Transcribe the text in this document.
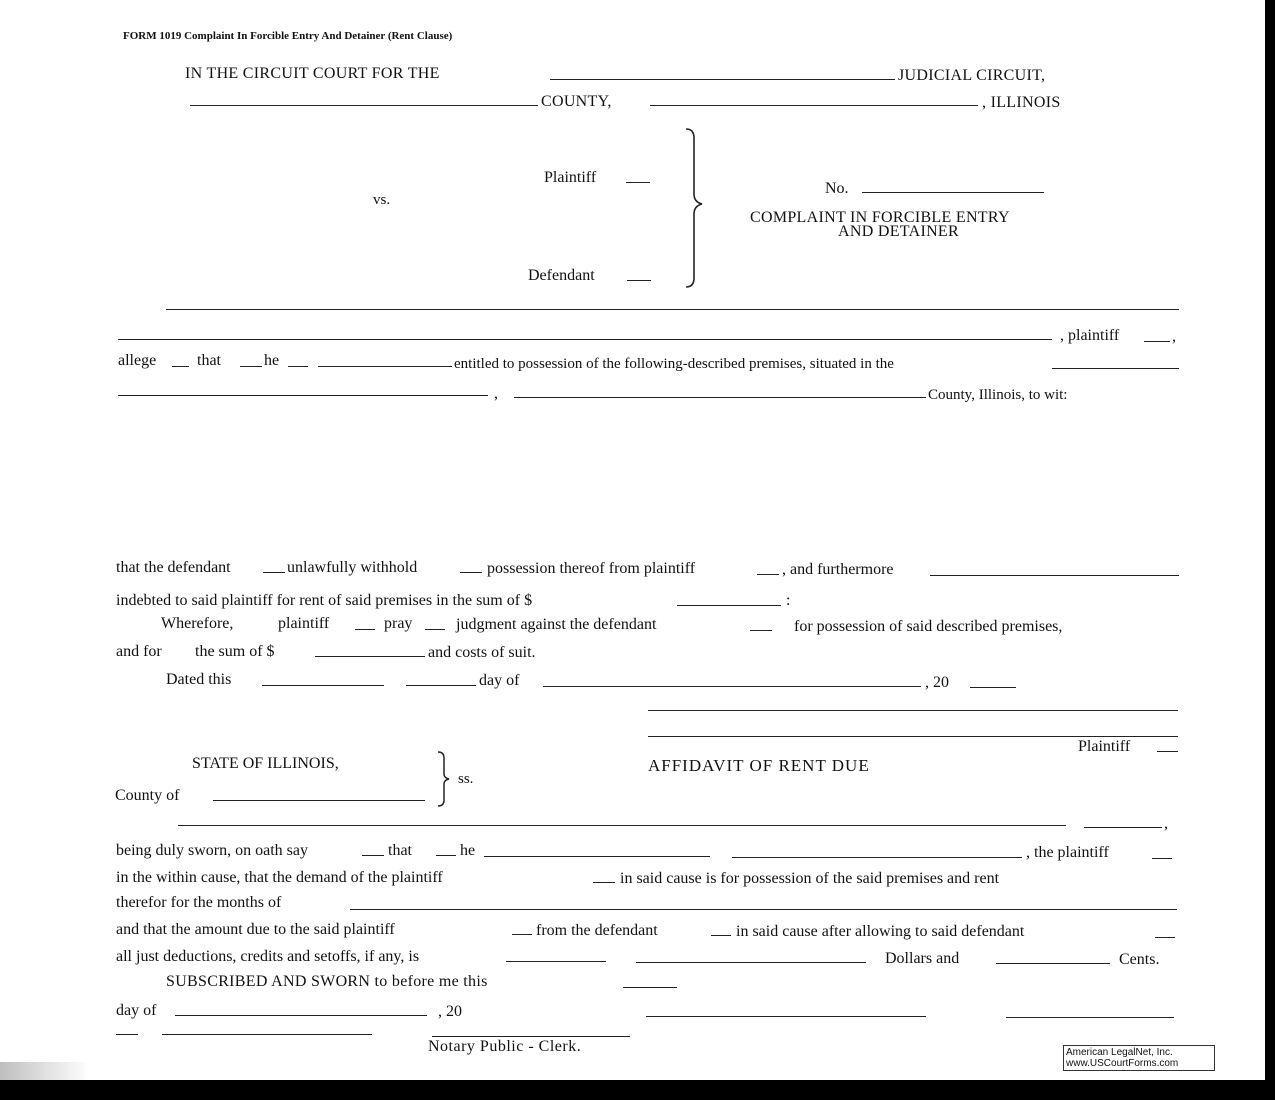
FORM 1019 Complaint In Forcible Entry And Detainer (Rent Clause)
IN THE CIRCUIT COURT FOR THE	JUDICIAL CIRCUIT,
COUNTY,	, ILLINOIS
Plaintiff
vs.
Defendant
No.
COMPLAINT IN FORCIBLE ENTRY
AND DETAINER
, plaintiff	,
allege	that	he	entitled to possession of the following-described premises, situated in the
,	County, Illinois, to wit:
that the defendant	unlawfully withhold	possession thereof from plaintiff	, and furthermore
indebted to said plaintiff for rent of said premises in the sum of $	:
Wherefore,	plaintiff	pray	judgment against the defendant	for possession of said described premises,
and for the sum of $	and costs of suit.
Dated this	day of	, 20
Plaintiff
STATE OF ILLINOIS,
County of
ss.
AFFIDAVIT OF RENT DUE
,
being duly sworn, on oath say	that	he	, the plaintiff
in the within cause, that the demand of the plaintiff	in said cause is for possession of the said premises and rent
therefor for the months of
and that the amount due to the said plaintiff	from the defendant	in said cause after allowing to said defendant
all just deductions, credits and setoffs, if any, is	Dollars and	Cents.
SUBSCRIBED AND SWORN to before me this
day of	, 20
Notary Public - Clerk.	American LegalNet, Inc.
www.USCourtForms.com
